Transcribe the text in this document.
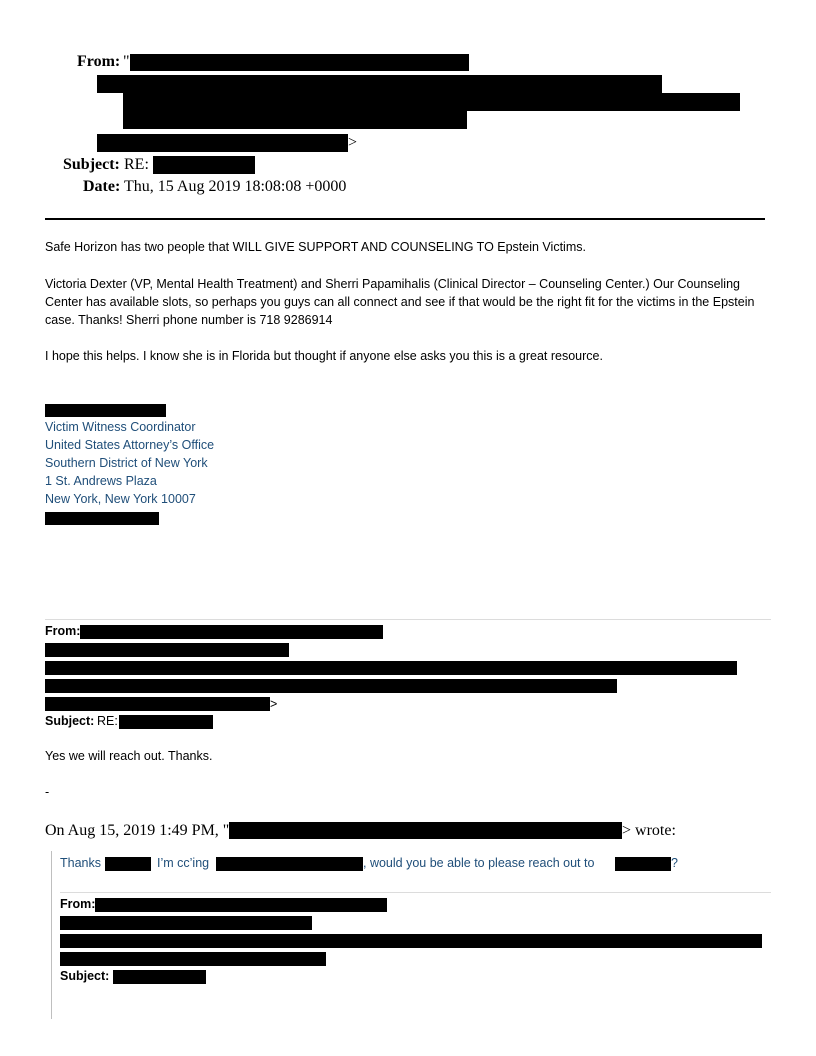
From: "
>
Subject: RE:
Date: Thu, 15 Aug 2019 18:08:08 +0000
Safe Horizon has two people that WILL GIVE SUPPORT AND COUNSELING TO Epstein Victims.
Victoria Dexter (VP, Mental Health Treatment) and Sherri Papamihalis (Clinical Director – Counseling Center.) Our Counseling Center has available slots, so perhaps you guys can all connect and see if that would be the right fit for the victims in the Epstein case. Thanks! Sherri phone number is 718 9286914
I hope this helps. I know she is in Florida but thought if anyone else asks you this is a great resource.
Victim Witness Coordinator
United States Attorney’s Office
Southern District of New York
1 St. Andrews Plaza
New York, New York 10007
From:
>
Subject: RE:
Yes we will reach out. Thanks.
-
On Aug 15, 2019 1:49 PM, "	> wrote:
Thanks	I’m cc’ing	, would you be able to please reach out to	?
From:
Subject:
